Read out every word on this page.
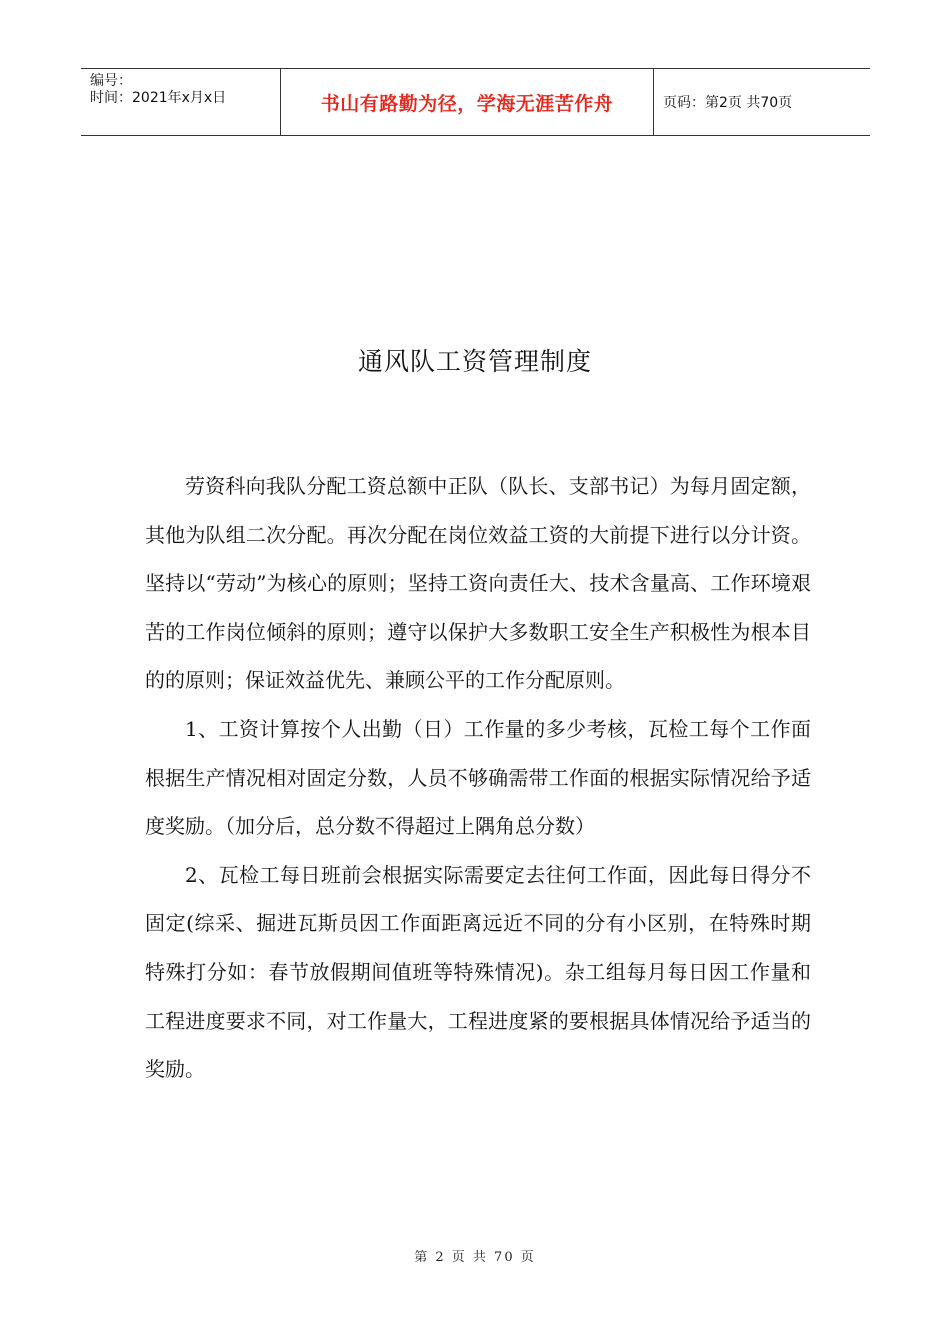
编号：
时间：2021年x月x日	书山有路勤为径，学海无涯苦作舟	页码：第2页 共70页
通风队工资管理制度

劳资科向我队分配工资总额中正队（队长、支部书记）为每月固定额，其他为队组二次分配。再次分配在岗位效益工资的大前提下进行以分计资。坚持以“劳动”为核心的原则；坚持工资向责任大、技术含量高、工作环境艰苦的工作岗位倾斜的原则；遵守以保护大多数职工安全生产积极性为根本目的的原则；保证效益优先、兼顾公平的工作分配原则。

1、工资计算按个人出勤（日）工作量的多少考核，瓦检工每个工作面根据生产情况相对固定分数，人员不够确需带工作面的根据实际情况给予适度奖励。（加分后，总分数不得超过上隅角总分数）

2、瓦检工每日班前会根据实际需要定去往何工作面，因此每日得分不固定(综采、掘进瓦斯员因工作面距离远近不同的分有小区别，在特殊时期特殊打分如：春节放假期间值班等特殊情况)。杂工组每月每日因工作量和工程进度要求不同，对工作量大，工程进度紧的要根据具体情况给予适当的奖励。

第 2 页 共 70 页
